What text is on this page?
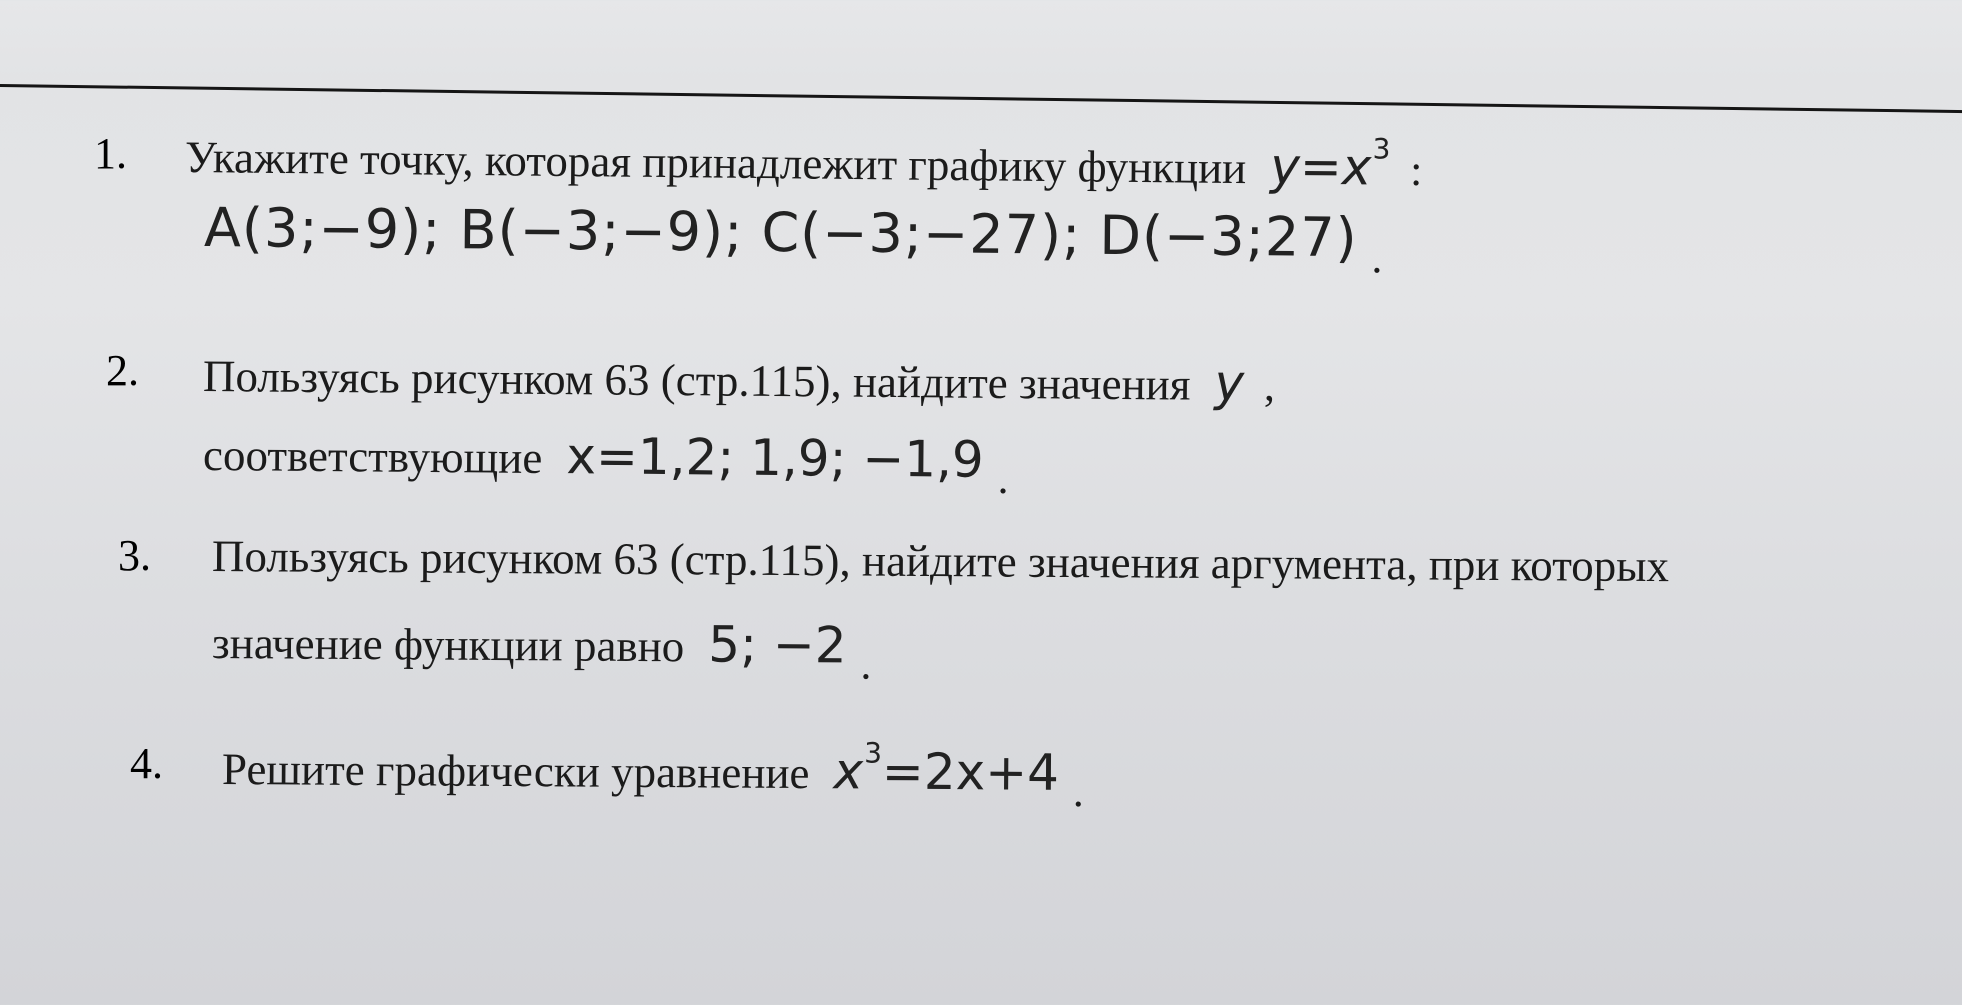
1. Укажите точку, которая принадлежит графику функции $y=x^3$ :
A(3;−9); B(−3;−9); C(−3;−27); D(−3;27) .
2. Пользуясь рисунком 63 (стр.115), найдите значения y ,
соответствующие x=1,2; 1,9; −1,9 .
3. Пользуясь рисунком 63 (стр.115), найдите значения аргумента, при которых
значение функции равно 5; −2 .
4. Решите графически уравнение $x^3=2x+4$ .
